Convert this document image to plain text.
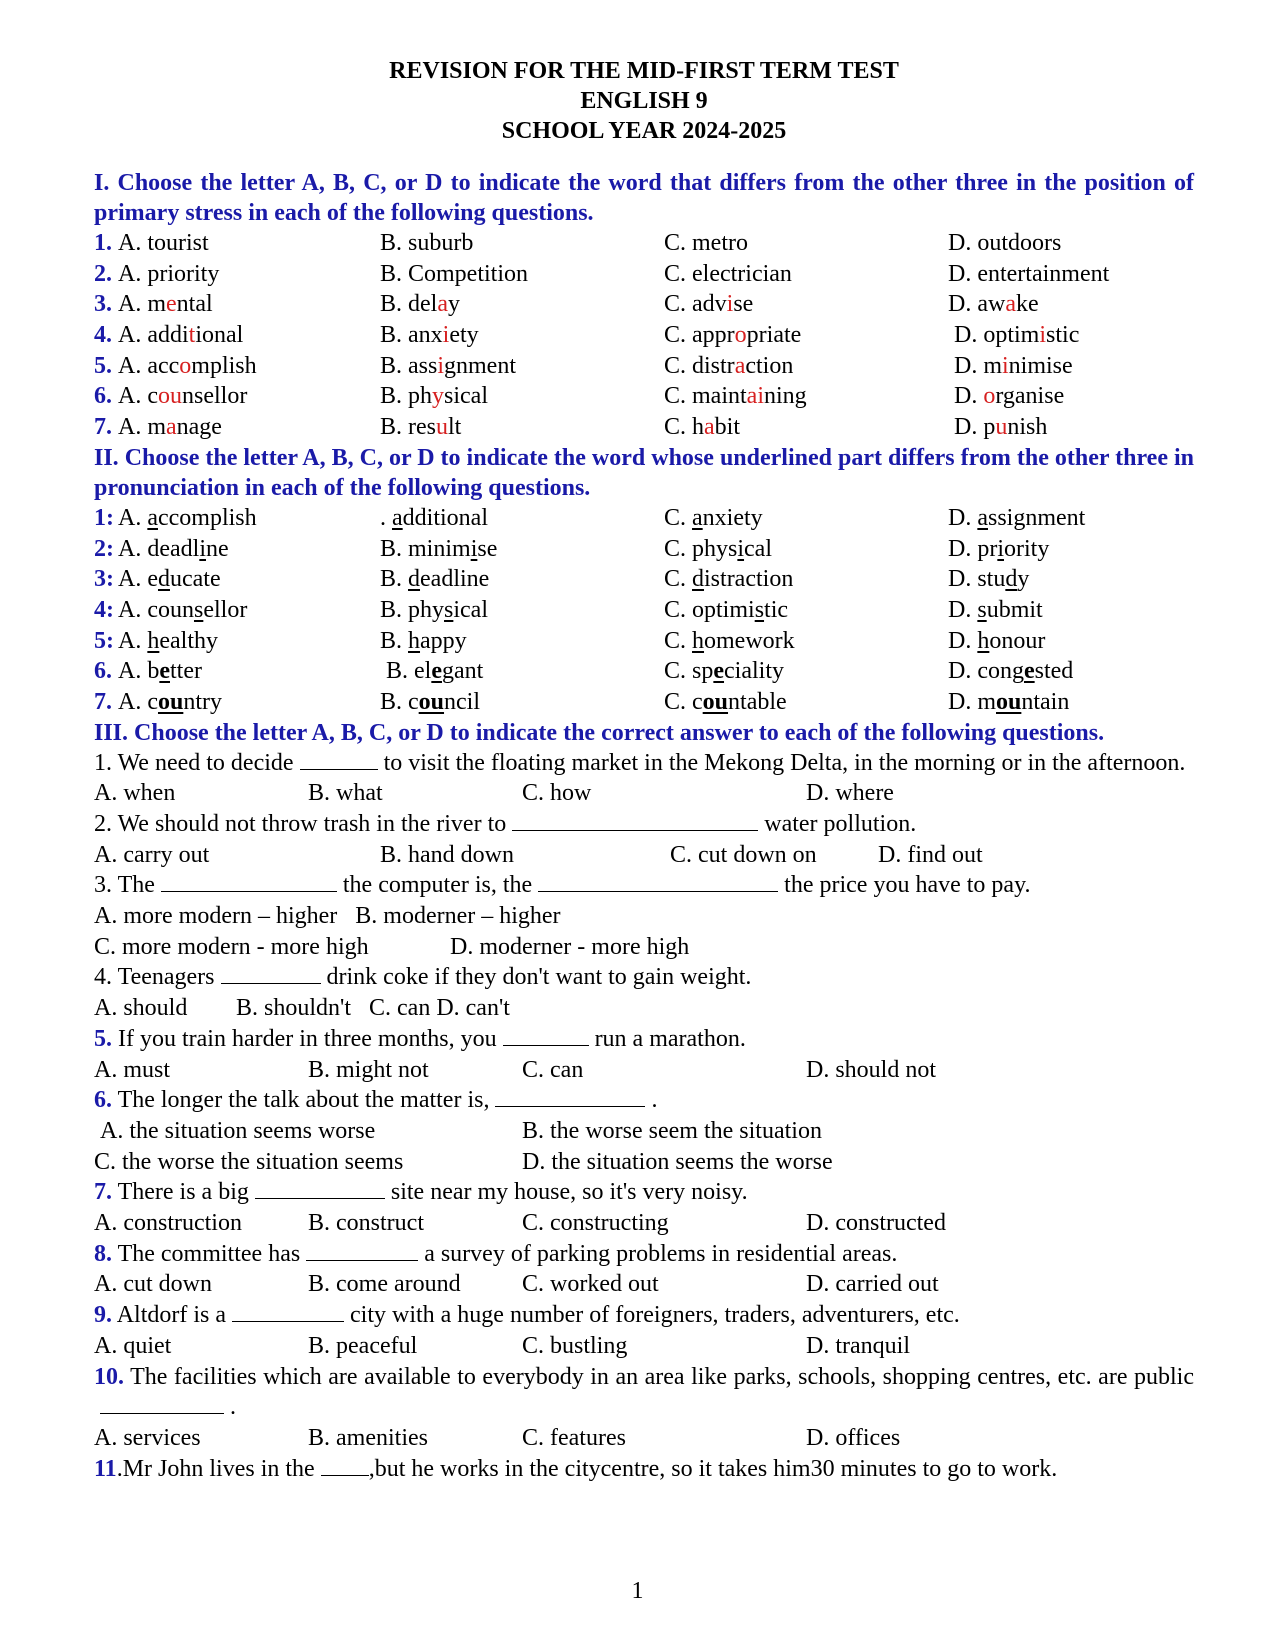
REVISION FOR THE MID-FIRST TERM TEST
ENGLISH 9
SCHOOL YEAR 2024-2025
I. Choose the letter A, B, C, or D to indicate the word that differs from the other three in the position of primary stress in each of the following questions.
1. A. tourist	B. suburb	C. metro	D. outdoors
2. A. priority	B. Competition	C. electrician	D. entertainment
3. A. mental	B. delay	C. advise	D. awake
4. A. additional	B. anxiety	C. appropriate	D. optimistic
5. A. accomplish	B. assignment	C. distraction	D. minimise
6. A. counsellor	B. physical	C. maintaining	D. organise
7. A. manage	B. result	C. habit	D. punish
II. Choose the letter A, B, C, or D to indicate the word whose underlined part differs from the other three in pronunciation in each of the following questions.
1: A. accomplish	. additional	C. anxiety	D. assignment
2: A. deadline	B. minimise	C. physical	D. priority
3: A. educate	B. deadline	C. distraction	D. study
4: A. counsellor	B. physical	C. optimistic	D. submit
5: A. healthy	B. happy	C. homework	D. honour
6. A. better	B. elegant	C. speciality	D. congested
7. A. country	B. council	C. countable	D. mountain
III. Choose the letter A, B, C, or D to indicate the correct answer to each of the following questions.
1. We need to decide	to visit the floating market in the Mekong Delta, in the morning or in the afternoon.
A. when	B. what	C. how	D. where
2. We should not throw trash in the river to	water pollution.
A. carry out	B. hand down	C. cut down on	D. find out
3. The	the computer is, the	the price you have to pay.
A. more modern – higher   B. moderner – higher
C. more modern - more high	D. moderner - more high
4. Teenagers	drink coke if they don't want to gain weight.
A. should B. shouldn't   C. can D. can't
5. If you train harder in three months, you	run a marathon.
A. must	B. might not	C. can	D. should not
6. The longer the talk about the matter is,	.
A. the situation seems worse	B. the worse seem the situation
C. the worse the situation seems	D. the situation seems the worse
7. There is a big	site near my house, so it's very noisy.
A. construction	B. construct	C. constructing	D. constructed
8. The committee has	a survey of parking problems in residential areas.
A. cut down	B. come around	C. worked out	D. carried out
9. Altdorf is a	city with a huge number of foreigners, traders, adventurers, etc.
A. quiet	B. peaceful	C. bustling	D. tranquil
10. The facilities which are available to everybody in an area like parks, schools, shopping centres, etc. are public.
A. services	B. amenities	C. features	D. offices
11.Mr John lives in the ,but he works in the citycentre, so it takes him30 minutes to go to work.
1
